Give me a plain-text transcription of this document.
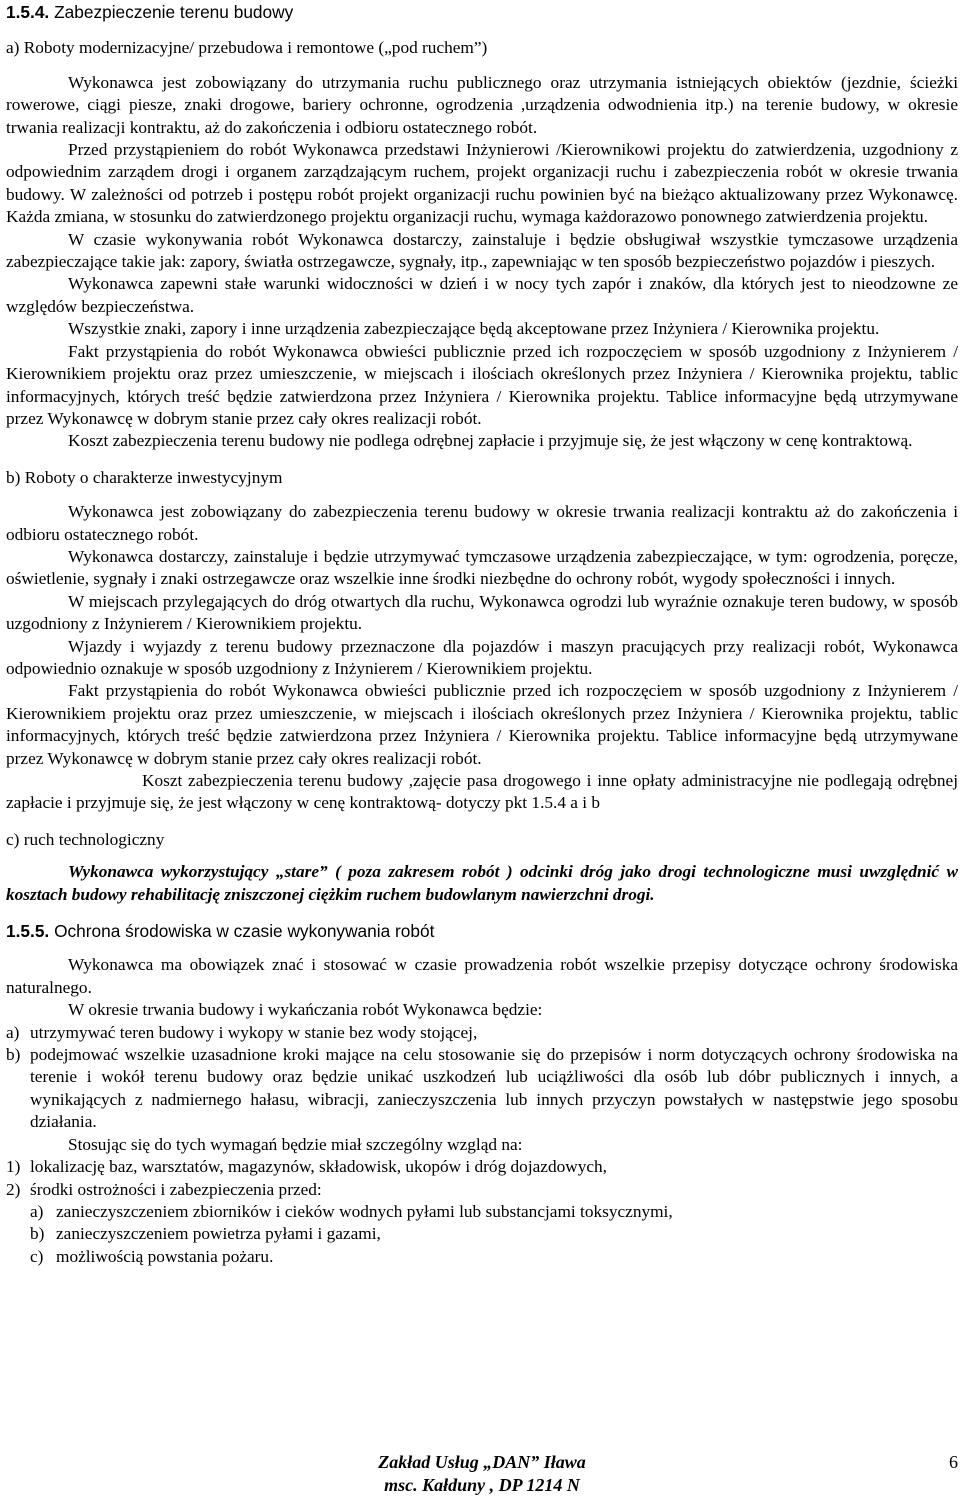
1.5.4. Zabezpieczenie terenu budowy

a) Roboty modernizacyjne/ przebudowa i remontowe („pod ruchem”)

Wykonawca jest zobowiązany do utrzymania ruchu publicznego oraz utrzymania istniejących obiektów (jezdnie, ścieżki rowerowe, ciągi piesze, znaki drogowe, bariery ochronne, ogrodzenia ,urządzenia odwodnienia itp.) na terenie budowy, w okresie trwania realizacji kontraktu, aż do zakończenia i odbioru ostatecznego robót.

Przed przystąpieniem do robót Wykonawca przedstawi Inżynierowi /Kierownikowi projektu do zatwierdzenia, uzgodniony z odpowiednim zarządem drogi i organem zarządzającym ruchem, projekt organizacji ruchu i zabezpieczenia robót w okresie trwania budowy. W zależności od potrzeb i postępu robót projekt organizacji ruchu powinien być na bieżąco aktualizowany przez Wykonawcę. Każda zmiana, w stosunku do zatwierdzonego projektu organizacji ruchu, wymaga każdorazowo ponownego zatwierdzenia projektu.

W czasie wykonywania robót Wykonawca dostarczy, zainstaluje i będzie obsługiwał wszystkie tymczasowe urządzenia zabezpieczające takie jak: zapory, światła ostrzegawcze, sygnały, itp., zapewniając w ten sposób bezpieczeństwo pojazdów i pieszych.

Wykonawca zapewni stałe warunki widoczności w dzień i w nocy tych zapór i znaków, dla których jest to nieodzowne ze względów bezpieczeństwa.

Wszystkie znaki, zapory i inne urządzenia zabezpieczające będą akceptowane przez Inżyniera / Kierownika projektu.

Fakt przystąpienia do robót Wykonawca obwieści publicznie przed ich rozpoczęciem w sposób uzgodniony z Inżynierem / Kierownikiem projektu oraz przez umieszczenie, w miejscach i ilościach określonych przez Inżyniera / Kierownika projektu, tablic informacyjnych, których treść będzie zatwierdzona przez Inżyniera / Kierownika projektu. Tablice informacyjne będą utrzymywane przez Wykonawcę w dobrym stanie przez cały okres realizacji robót.

Koszt zabezpieczenia terenu budowy nie podlega odrębnej zapłacie i przyjmuje się, że jest włączony w cenę kontraktową.

b) Roboty o charakterze inwestycyjnym

Wykonawca jest zobowiązany do zabezpieczenia terenu budowy w okresie trwania realizacji kontraktu aż do zakończenia i odbioru ostatecznego robót.

Wykonawca dostarczy, zainstaluje i będzie utrzymywać tymczasowe urządzenia zabezpieczające, w tym: ogrodzenia, poręcze, oświetlenie, sygnały i znaki ostrzegawcze oraz wszelkie inne środki niezbędne do ochrony robót, wygody społeczności i innych.

W miejscach przylegających do dróg otwartych dla ruchu, Wykonawca ogrodzi lub wyraźnie oznakuje teren budowy, w sposób uzgodniony z Inżynierem / Kierownikiem projektu.

Wjazdy i wyjazdy z terenu budowy przeznaczone dla pojazdów i maszyn pracujących przy realizacji robót, Wykonawca odpowiednio oznakuje w sposób uzgodniony z Inżynierem / Kierownikiem projektu.

Fakt przystąpienia do robót Wykonawca obwieści publicznie przed ich rozpoczęciem w sposób uzgodniony z Inżynierem / Kierownikiem projektu oraz przez umieszczenie, w miejscach i ilościach określonych przez Inżyniera / Kierownika projektu, tablic informacyjnych, których treść będzie zatwierdzona przez Inżyniera / Kierownika projektu. Tablice informacyjne będą utrzymywane przez Wykonawcę w dobrym stanie przez cały okres realizacji robót.

Koszt zabezpieczenia terenu budowy ,zajęcie pasa drogowego i inne opłaty administracyjne nie podlegają odrębnej zapłacie i przyjmuje się, że jest włączony w cenę kontraktową- dotyczy pkt 1.5.4 a i b

c) ruch technologiczny

Wykonawca wykorzystujący „stare” ( poza zakresem robót ) odcinki dróg jako drogi technologiczne musi uwzględnić w kosztach budowy rehabilitację zniszczonej ciężkim ruchem budowlanym nawierzchni drogi.

1.5.5. Ochrona środowiska w czasie wykonywania robót

Wykonawca ma obowiązek znać i stosować w czasie prowadzenia robót wszelkie przepisy dotyczące ochrony środowiska naturalnego.

W okresie trwania budowy i wykańczania robót Wykonawca będzie:

a) utrzymywać teren budowy i wykopy w stanie bez wody stojącej,
b) podejmować wszelkie uzasadnione kroki mające na celu stosowanie się do przepisów i norm dotyczących ochrony środowiska na terenie i wokół terenu budowy oraz będzie unikać uszkodzeń lub uciążliwości dla osób lub dóbr publicznych i innych, a wynikających z nadmiernego hałasu, wibracji, zanieczyszczenia lub innych przyczyn powstałych w następstwie jego sposobu działania.

Stosując się do tych wymagań będzie miał szczególny wzgląd na:

1) lokalizację baz, warsztatów, magazynów, składowisk, ukopów i dróg dojazdowych,
2) środki ostrożności i zabezpieczenia przed:
a) zanieczyszczeniem zbiorników i cieków wodnych pyłami lub substancjami toksycznymi,
b) zanieczyszczeniem powietrza pyłami i gazami,
c) możliwością powstania pożaru.
Zakład Usług „DAN” Iława
msc. Kałduny , DP 1214 N
6
